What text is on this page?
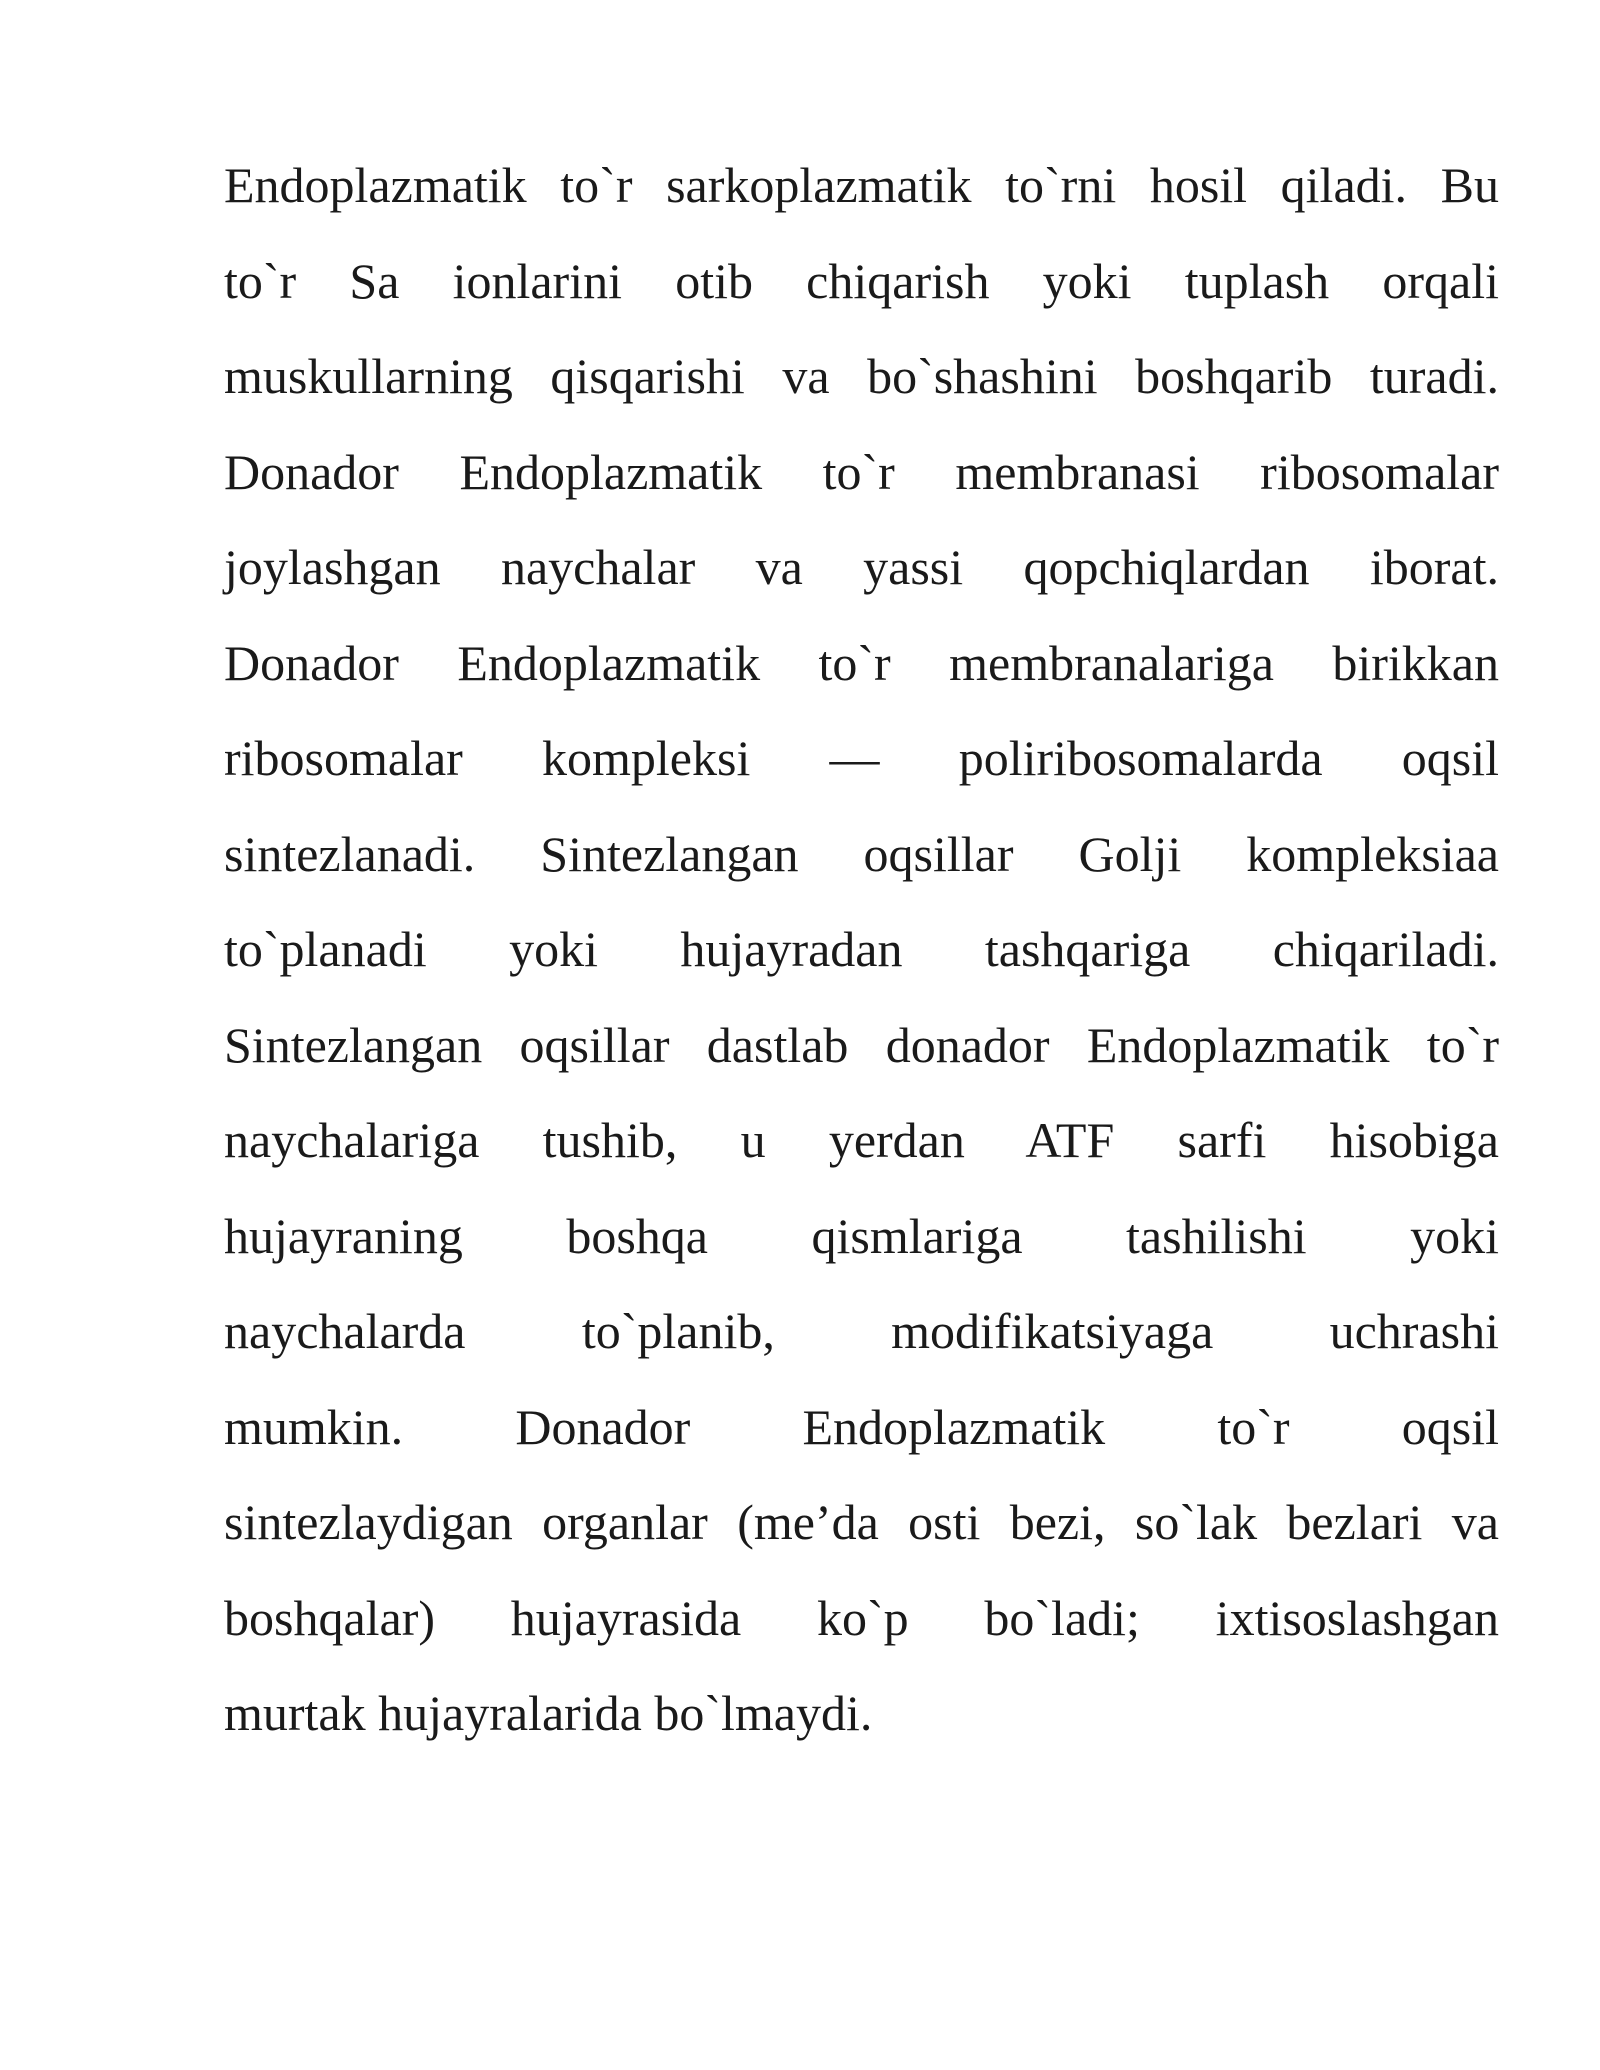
Endoplazmatik to`r sarkoplazmatik to`rni hosil qiladi. Bu
to`r Sa ionlarini otib chiqarish yoki tuplash orqali
muskullarning qisqarishi va bo`shashini boshqarib turadi.
Donador Endoplazmatik to`r membranasi ribosomalar
joylashgan naychalar va yassi qopchiqlardan iborat.
Donador Endoplazmatik to`r membranalariga birikkan
ribosomalar kompleksi — poliribosomalarda oqsil
sintezlanadi. Sintezlangan oqsillar Golji kompleksiaa
to`planadi yoki hujayradan tashqariga chiqariladi.
Sintezlangan oqsillar dastlab donador Endoplazmatik to`r
naychalariga tushib, u yerdan ATF sarfi hisobiga
hujayraning boshqa qismlariga tashilishi yoki
naychalarda to`planib, modifikatsiyaga uchrashi
mumkin. Donador Endoplazmatik to`r oqsil
sintezlaydigan organlar (me’da osti bezi, so`lak bezlari va
boshqalar) hujayrasida ko`p bo`ladi; ixtisoslashgan
murtak hujayralarida bo`lmaydi.
